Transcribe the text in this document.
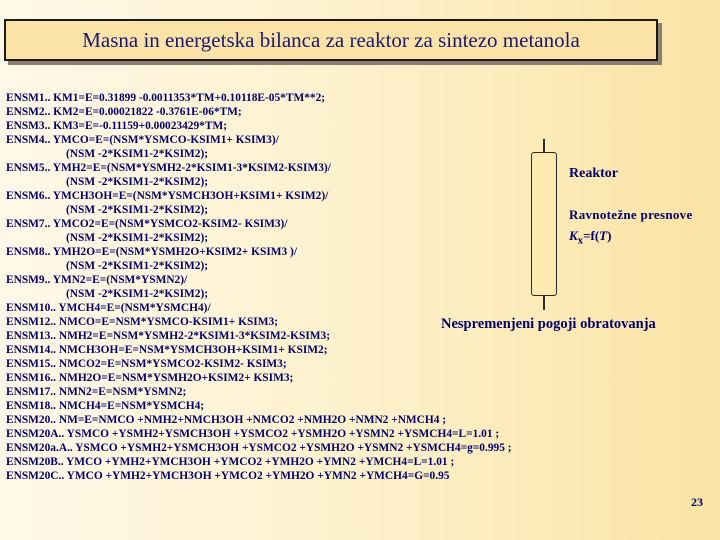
Masna in energetska bilanca za reaktor za sintezo metanola
ENSM1.. KM1=E=0.31899 -0.0011353*TM+0.10118E-05*TM**2;
ENSM2.. KM2=E=0.00021822 -0.3761E-06*TM;
ENSM3.. KM3=E=-0.11159+0.00023429*TM;
ENSM4.. YMCO=E=(NSM*YSMCO-KSIM1+ KSIM3)/
(NSM -2*KSIM1-2*KSIM2);
ENSM5.. YMH2=E=(NSM*YSMH2-2*KSIM1-3*KSIM2-KSIM3)/
(NSM -2*KSIM1-2*KSIM2);
ENSM6.. YMCH3OH=E=(NSM*YSMCH3OH+KSIM1+ KSIM2)/
(NSM -2*KSIM1-2*KSIM2);
ENSM7.. YMCO2=E=(NSM*YSMCO2-KSIM2- KSIM3)/
(NSM -2*KSIM1-2*KSIM2);
ENSM8.. YMH2O=E=(NSM*YSMH2O+KSIM2+ KSIM3 )/
(NSM -2*KSIM1-2*KSIM2);
ENSM9.. YMN2=E=(NSM*YSMN2)/
(NSM -2*KSIM1-2*KSIM2);
ENSM10.. YMCH4=E=(NSM*YSMCH4)/
ENSM12.. NMCO=E=NSM*YSMCO-KSIM1+ KSIM3;
ENSM13.. NMH2=E=NSM*YSMH2-2*KSIM1-3*KSIM2-KSIM3;
ENSM14.. NMCH3OH=E=NSM*YSMCH3OH+KSIM1+ KSIM2;
ENSM15.. NMCO2=E=NSM*YSMCO2-KSIM2- KSIM3;
ENSM16.. NMH2O=E=NSM*YSMH2O+KSIM2+ KSIM3;
ENSM17.. NMN2=E=NSM*YSMN2;
ENSM18.. NMCH4=E=NSM*YSMCH4;
ENSM20.. NM=E=NMCO +NMH2+NMCH3OH +NMCO2 +NMH2O +NMN2 +NMCH4 ;
ENSM20A.. YSMCO +YSMH2+YSMCH3OH +YSMCO2 +YSMH2O +YSMN2 +YSMCH4=L=1.01 ;
ENSM20a.A.. YSMCO +YSMH2+YSMCH3OH +YSMCO2 +YSMH2O +YSMN2 +YSMCH4=g=0.995 ;
ENSM20B.. YMCO +YMH2+YMCH3OH +YMCO2 +YMH2O +YMN2 +YMCH4=L=1.01 ;
ENSM20C.. YMCO +YMH2+YMCH3OH +YMCO2 +YMH2O +YMN2 +YMCH4=G=0.95
Reaktor
Ravnotežne presnove
$K_x=f(T)$
Nespremenjeni pogoji obratovanja
23
